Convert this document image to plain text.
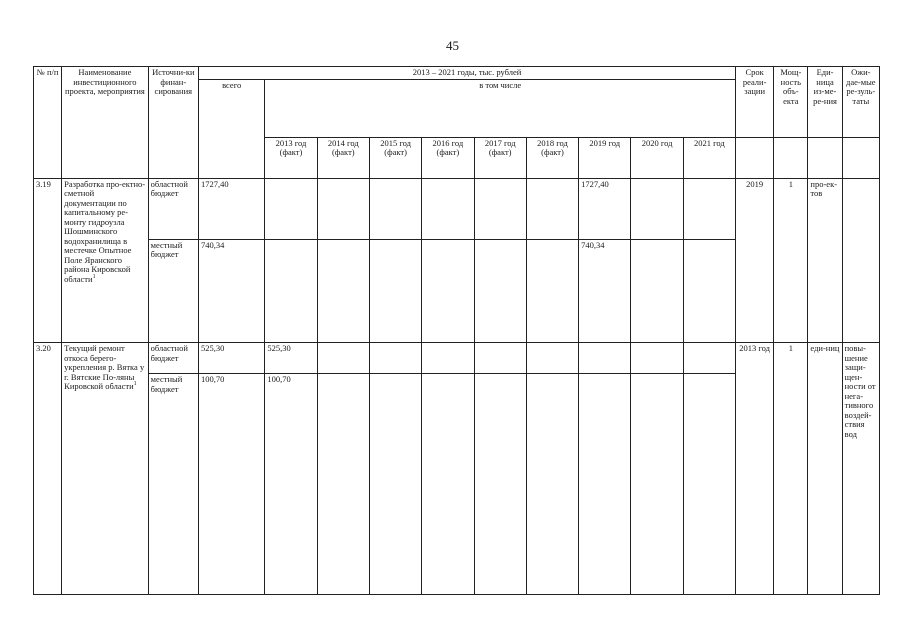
45
№ п/п	Наименование инвестиционного проекта, мероприятия	Источни-ки финан-сирования	2013 – 2021 годы, тыс. рублей										Срок реали-зации	Мощ-ность объ-екта	Еди-ница из-ме-ре-ния	Ожи-дае-мые ре-зуль-таты
			всего	в том числе												
				2013 год (факт)	2014 год (факт)	2015 год (факт)	2016 год (факт)	2017 год (факт)	2018 год (факт)	2019 год	2020 год	2021 год				
3.19	Разработка про-ектно-сметной документации по капитальному ре-монту гидроузла Шошминского водохранилища в местечке Опытное Поле Яранского района Кировской области$^1$	областной бюджет	1727,40							1727,40			2019	1	про-ек-тов	
		местный бюджет	740,34							740,34						
3.20	Текущий ремонт откоса берего-укрепления р. Вятка у г. Вятские По-ляны Кировской области$^1$	областной бюджет	525,30	525,30									2013 год	1	еди-ниц	повы-шение защи-щен-ности от нега-тивного воздей-ствия вод
		местный бюджет	100,70	100,70												
